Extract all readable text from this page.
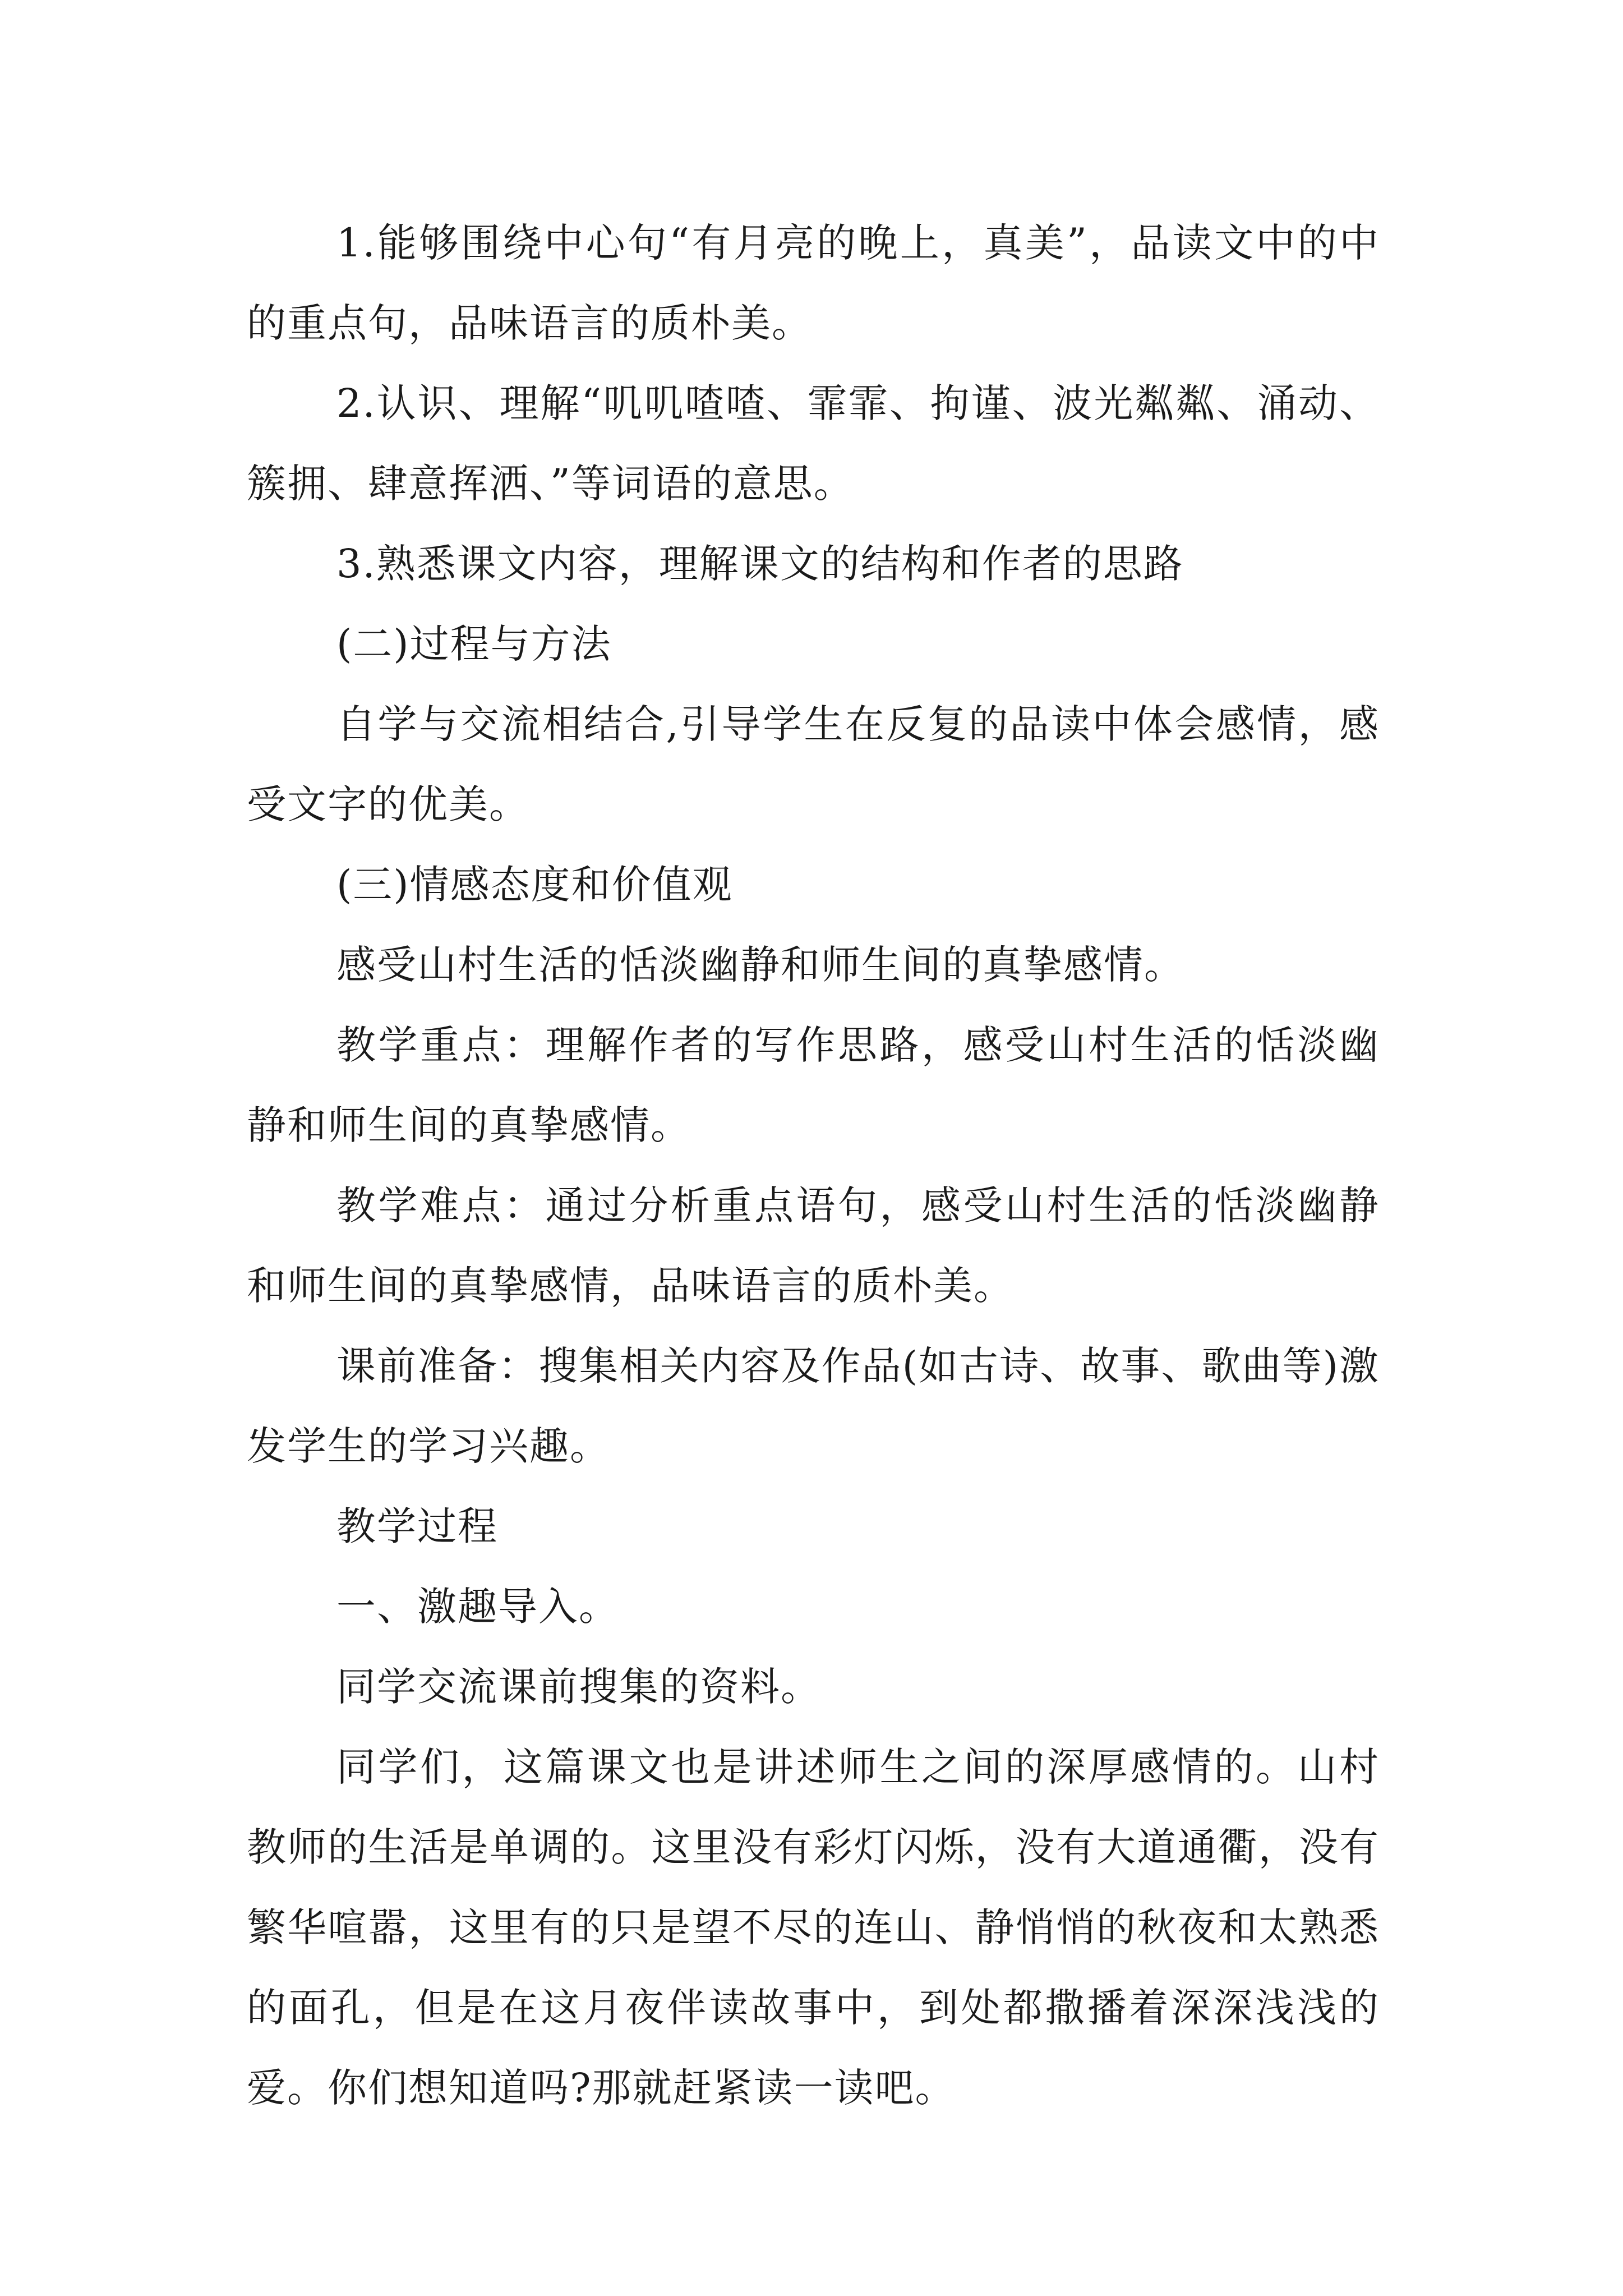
1.能够围绕中心句“有月亮的晚上，真美”，品读文中的中的重点句，品味语言的质朴美。

2.认识、理解“叽叽喳喳、霏霏、拘谨、波光粼粼、涌动、簇拥、肆意挥洒、”等词语的意思。

3.熟悉课文内容，理解课文的结构和作者的思路

(二)过程与方法

自学与交流相结合,引导学生在反复的品读中体会感情，感受文字的优美。

(三)情感态度和价值观

感受山村生活的恬淡幽静和师生间的真挚感情。

教学重点：理解作者的写作思路，感受山村生活的恬淡幽静和师生间的真挚感情。

教学难点：通过分析重点语句，感受山村生活的恬淡幽静和师生间的真挚感情，品味语言的质朴美。

课前准备：搜集相关内容及作品(如古诗、故事、歌曲等)激发学生的学习兴趣。

教学过程

一、激趣导入。

同学交流课前搜集的资料。

同学们，这篇课文也是讲述师生之间的深厚感情的。山村教师的生活是单调的。这里没有彩灯闪烁，没有大道通衢，没有繁华喧嚣，这里有的只是望不尽的连山、静悄悄的秋夜和太熟悉的面孔，但是在这月夜伴读故事中，到处都撒播着深深浅浅的爱。你们想知道吗?那就赶紧读一读吧。
